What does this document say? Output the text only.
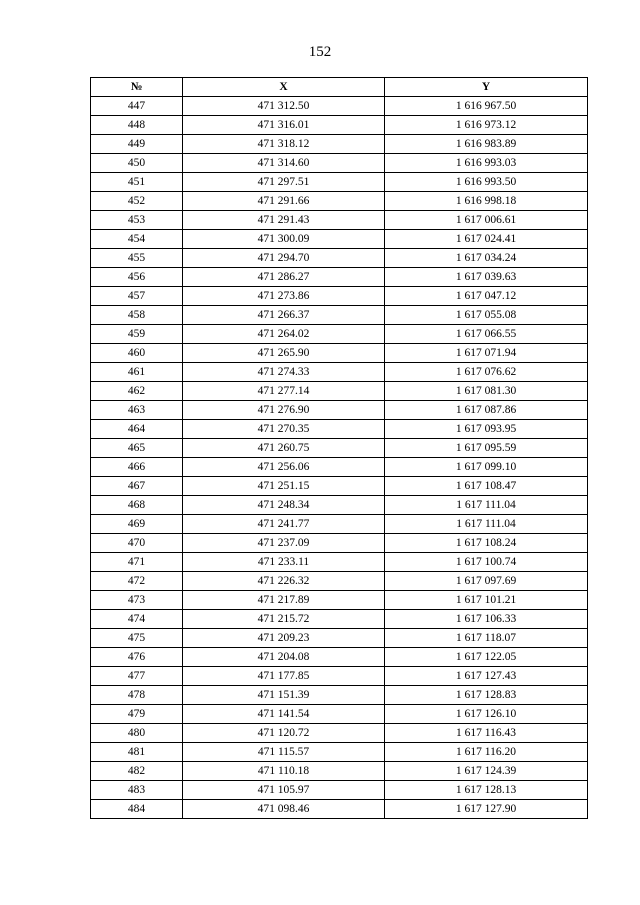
152
№	X	Y
447	471 312.50	1 616 967.50
448	471 316.01	1 616 973.12
449	471 318.12	1 616 983.89
450	471 314.60	1 616 993.03
451	471 297.51	1 616 993.50
452	471 291.66	1 616 998.18
453	471 291.43	1 617 006.61
454	471 300.09	1 617 024.41
455	471 294.70	1 617 034.24
456	471 286.27	1 617 039.63
457	471 273.86	1 617 047.12
458	471 266.37	1 617 055.08
459	471 264.02	1 617 066.55
460	471 265.90	1 617 071.94
461	471 274.33	1 617 076.62
462	471 277.14	1 617 081.30
463	471 276.90	1 617 087.86
464	471 270.35	1 617 093.95
465	471 260.75	1 617 095.59
466	471 256.06	1 617 099.10
467	471 251.15	1 617 108.47
468	471 248.34	1 617 111.04
469	471 241.77	1 617 111.04
470	471 237.09	1 617 108.24
471	471 233.11	1 617 100.74
472	471 226.32	1 617 097.69
473	471 217.89	1 617 101.21
474	471 215.72	1 617 106.33
475	471 209.23	1 617 118.07
476	471 204.08	1 617 122.05
477	471 177.85	1 617 127.43
478	471 151.39	1 617 128.83
479	471 141.54	1 617 126.10
480	471 120.72	1 617 116.43
481	471 115.57	1 617 116.20
482	471 110.18	1 617 124.39
483	471 105.97	1 617 128.13
484	471 098.46	1 617 127.90
